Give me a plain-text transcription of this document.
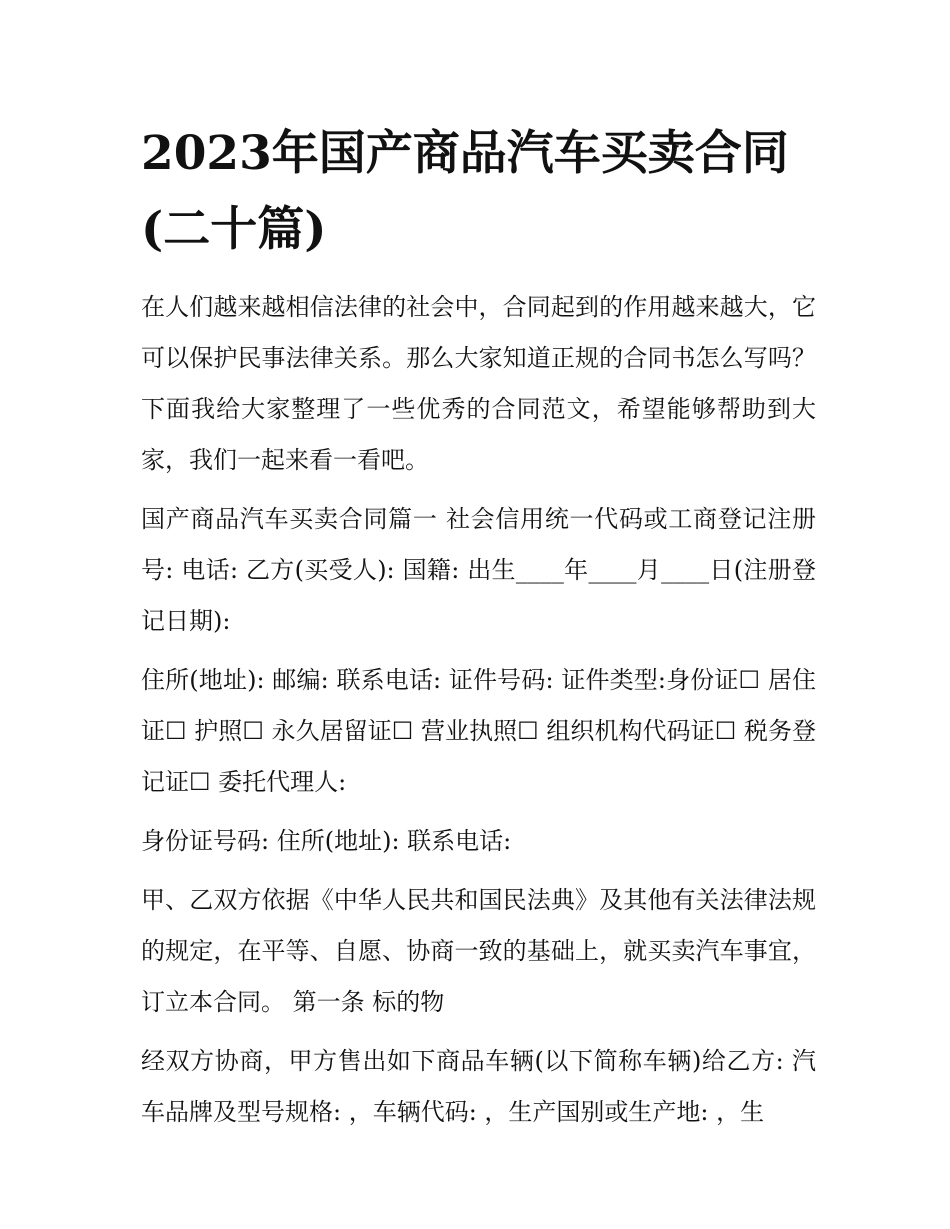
2023年国产商品汽车买卖合同
(二十篇)

在人们越来越相信法律的社会中，合同起到的作用越来越大，它可以保护民事法律关系。那么大家知道正规的合同书怎么写吗？下面我给大家整理了一些优秀的合同范文，希望能够帮助到大家，我们一起来看一看吧。

国产商品汽车买卖合同篇一 社会信用统一代码或工商登记注册号: 电话: 乙方(买受人): 国籍: 出生____年____月____日(注册登记日期):

住所(地址): 邮编: 联系电话: 证件号码: 证件类型:身份证☐ 居住证☐ 护照☐ 永久居留证☐ 营业执照☐ 组织机构代码证☐ 税务登记证☐ 委托代理人:

身份证号码: 住所(地址): 联系电话:

甲、乙双方依据《中华人民共和国民法典》及其他有关法律法规的规定，在平等、自愿、协商一致的基础上，就买卖汽车事宜，订立本合同。 第一条 标的物

经双方协商，甲方售出如下商品车辆(以下简称车辆)给乙方: 汽车品牌及型号规格: ，车辆代码: ，生产国别或生产地: ，生
